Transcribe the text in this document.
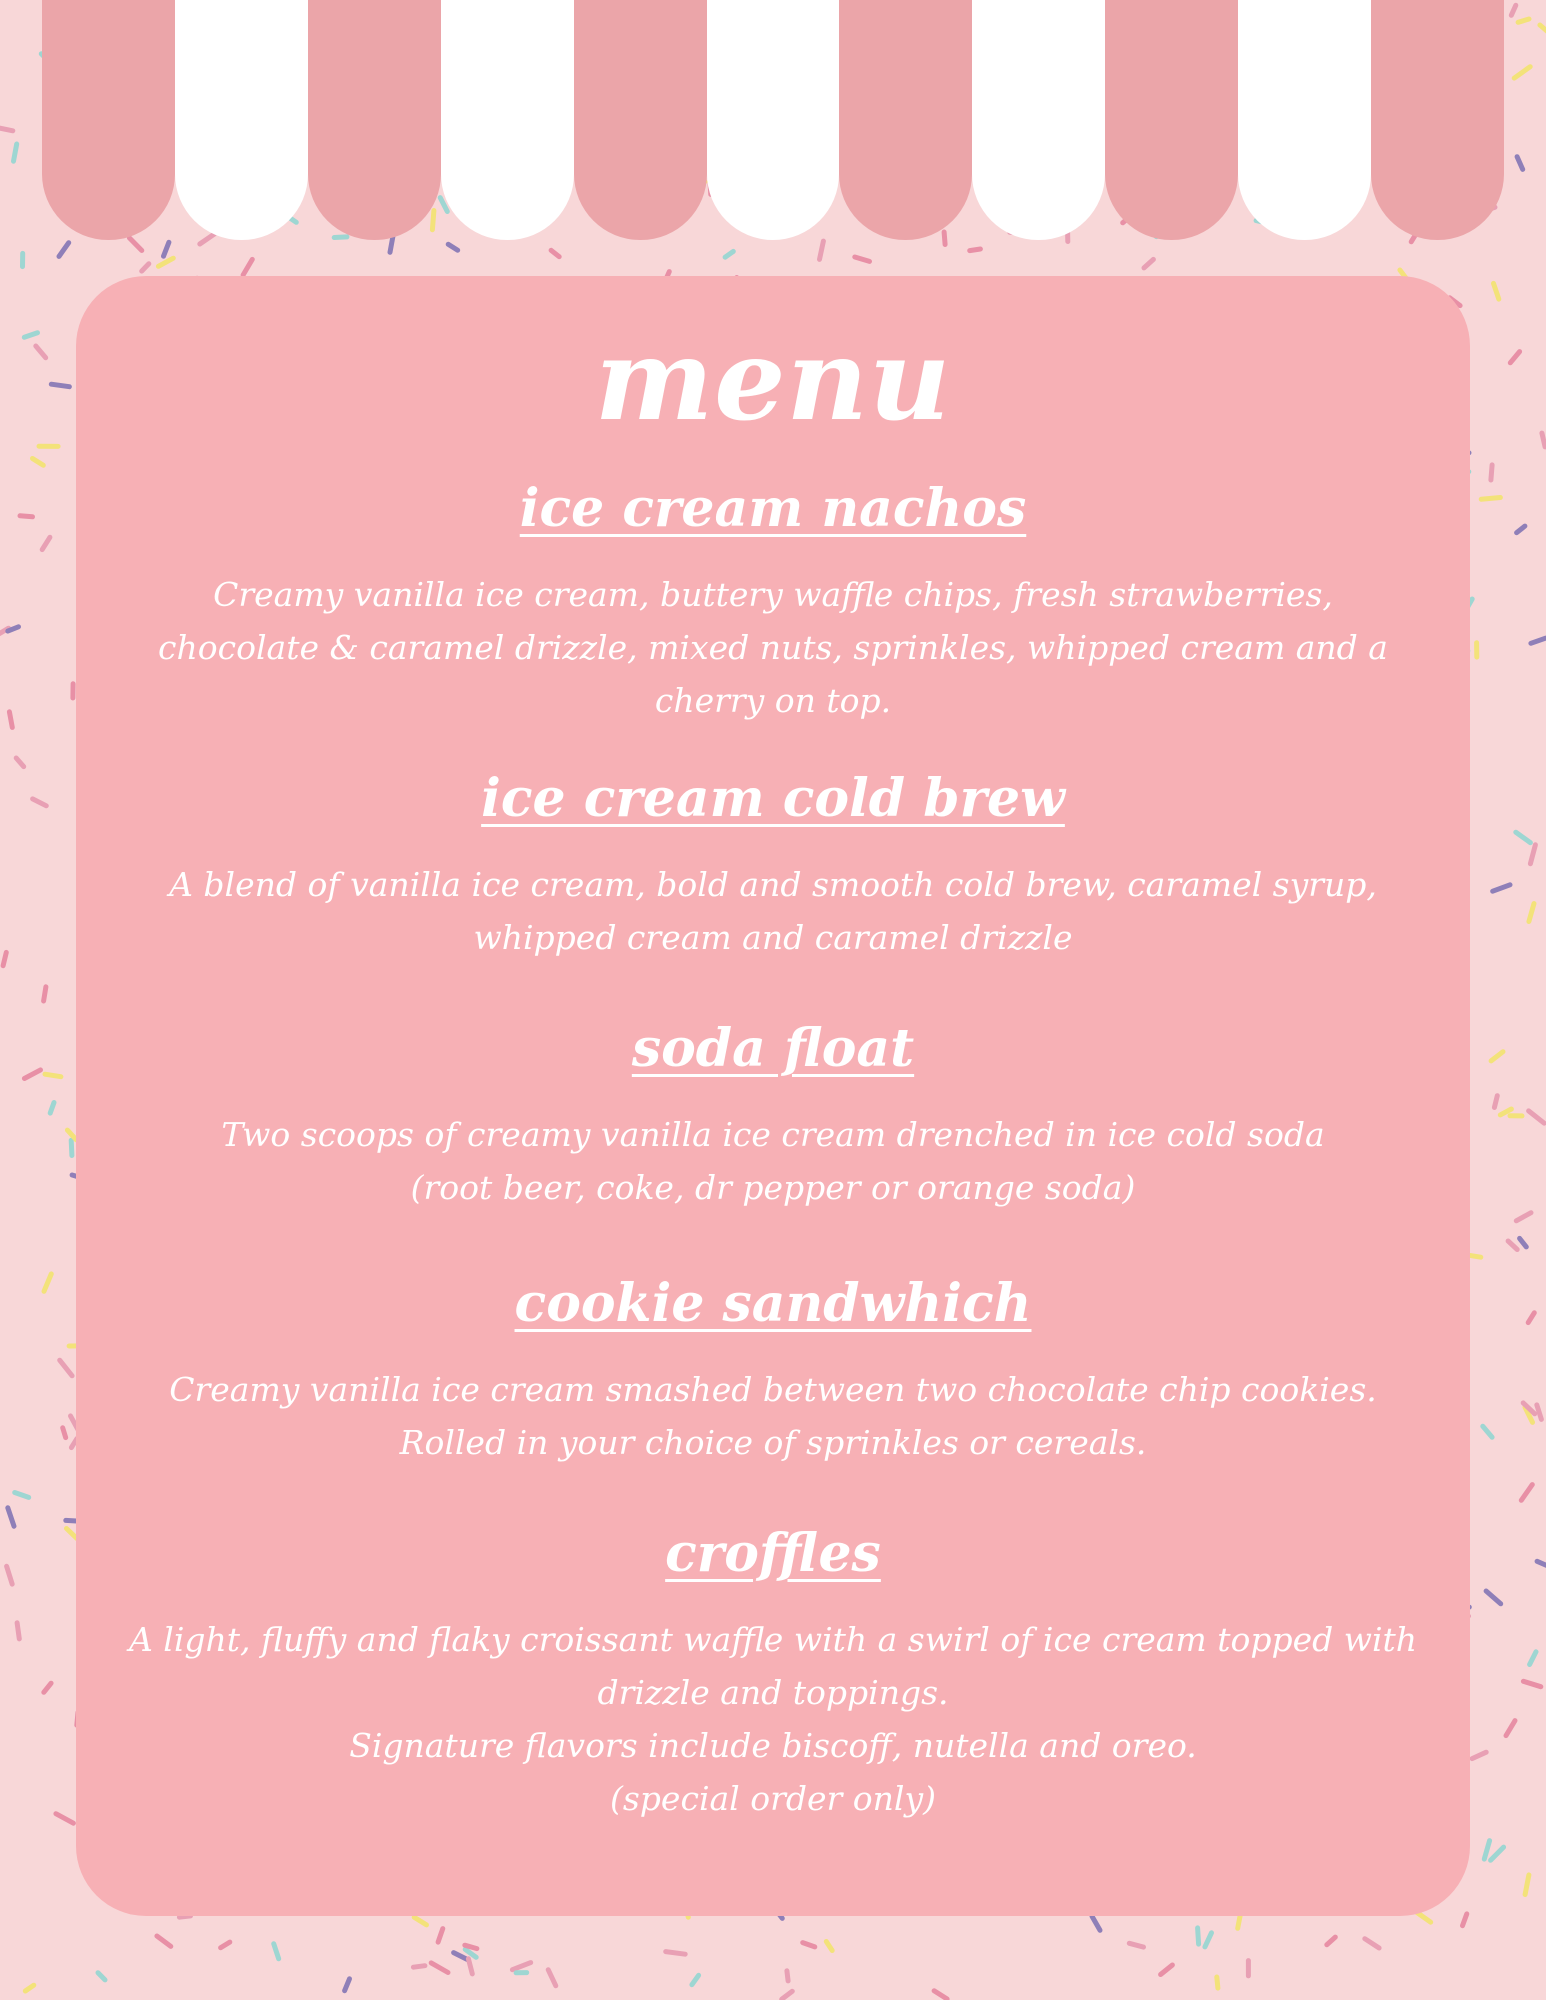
menu
ice cream nachos

Creamy vanilla ice cream, buttery waffle chips, fresh strawberries,
chocolate & caramel drizzle, mixed nuts, sprinkles, whipped cream and a
cherry on top.

ice cream cold brew

A blend of vanilla ice cream, bold and smooth cold brew, caramel syrup,
whipped cream and caramel drizzle

soda float

Two scoops of creamy vanilla ice cream drenched in ice cold soda
(root beer, coke, dr pepper or orange soda)

cookie sandwhich

Creamy vanilla ice cream smashed between two chocolate chip cookies.
Rolled in your choice of sprinkles or cereals.

croffles

A light, fluffy and flaky croissant waffle with a swirl of ice cream topped with
drizzle and toppings.
Signature flavors include biscoff, nutella and oreo.
(special order only)
